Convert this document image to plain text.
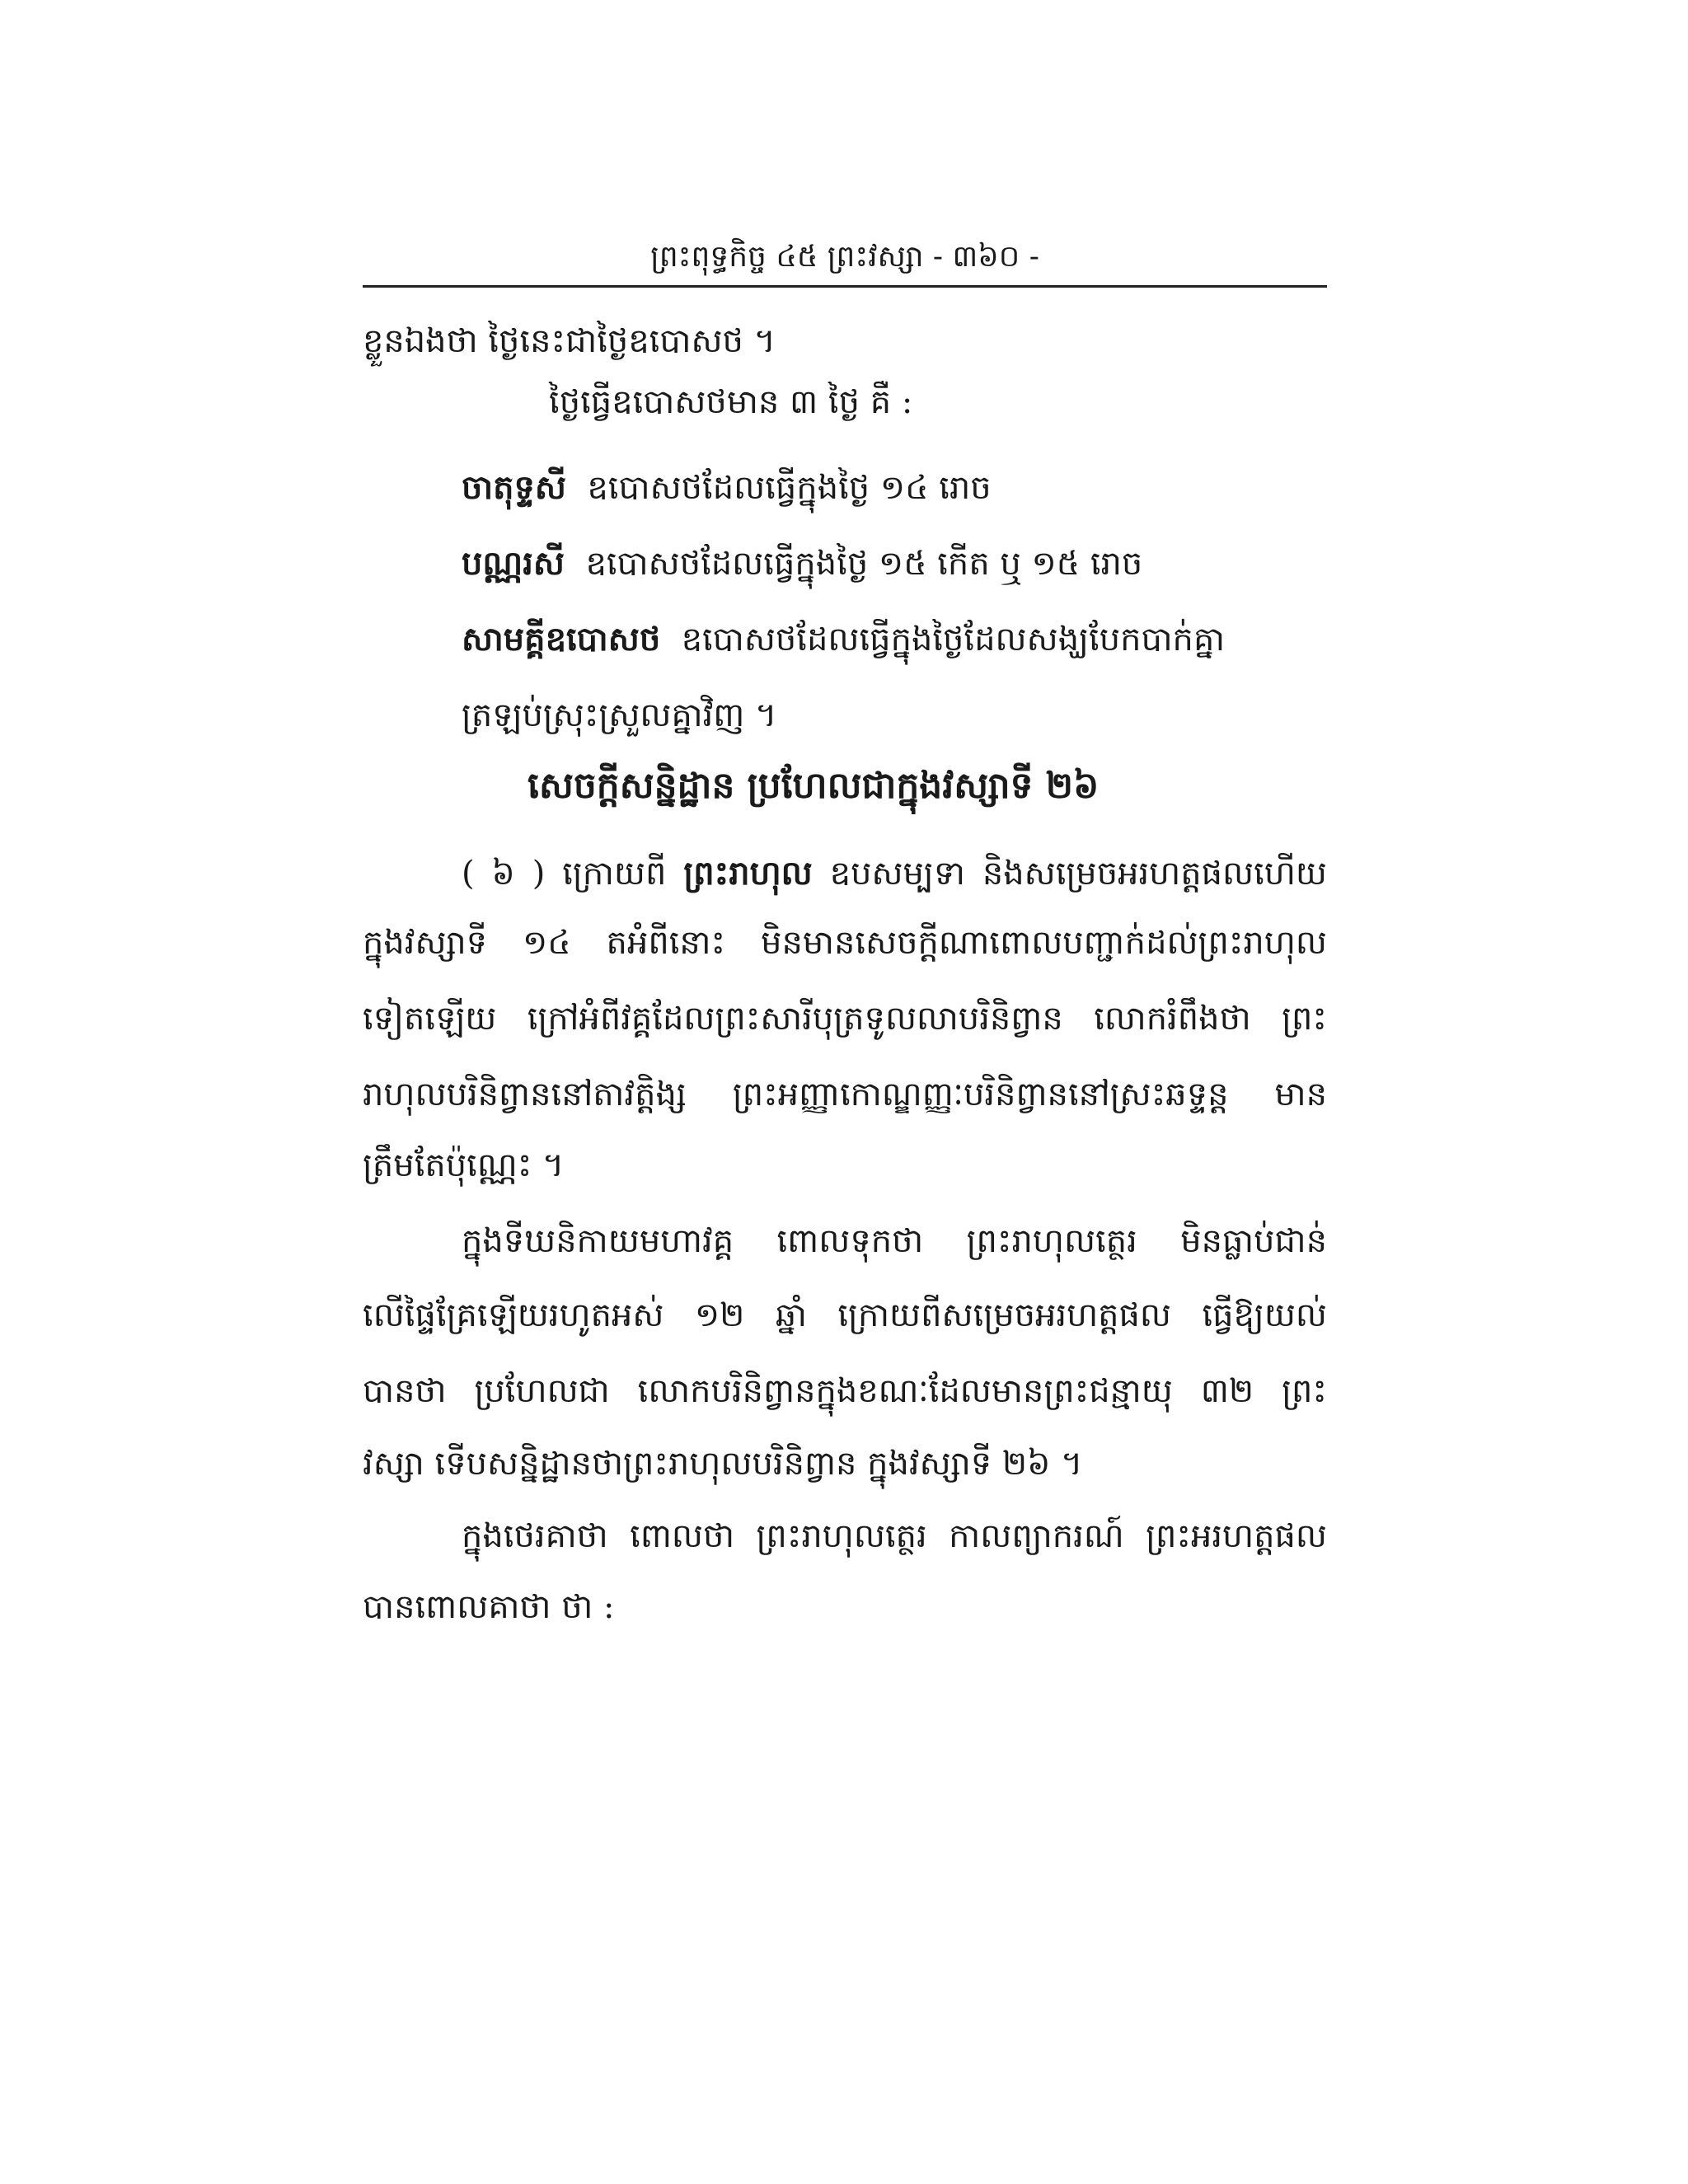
ព្រះពុទ្ធកិច្ច ៤៥ ព្រះវស្សា - ៣៦០ -
ខ្លួនឯងថា ថ្ងៃនេះជាថ្ងៃឧបោសថ ។
ថ្ងៃធ្វើឧបោសថមាន ៣ ថ្ងៃ គឺ :
ចាតុទ្ទសី ឧបោសថដែលធ្វើក្នុងថ្ងៃ ១៤ រោច
បណ្ណរសី ឧបោសថដែលធ្វើក្នុងថ្ងៃ ១៥ កើត ឬ ១៥ រោច
សាមគ្គីឧបោសថ ឧបោសថដែលធ្វើក្នុងថ្ងៃដែលសង្ឃបែកបាក់គ្នា
ត្រឡប់ស្រុះស្រួលគ្នាវិញ ។
សេចក្តីសន្និដ្ឋាន ប្រហែលជាក្នុងវស្សាទី ២៦
( ៦ ) ក្រោយពី ព្រះរាហុល ឧបសម្បទា និងសម្រេចអរហត្តផលហើយ
ក្នុងវស្សាទី ១៤ តអំពីនោះ មិនមានសេចក្តីណាពោលបញ្ជាក់ដល់ព្រះរាហុល
ទៀតឡើយ ក្រៅអំពីវគ្គដែលព្រះសារីបុត្រទូលលាបរិនិព្វាន លោករំពឹងថា ព្រះ
រាហុលបរិនិព្វាននៅតាវត្តិង្ស ព្រះអញ្ញាកោណ្ឌញ្ញៈបរិនិព្វាននៅស្រះឆទ្ទន្ត មាន
ត្រឹមតែប៉ុណ្ណេះ ។
ក្នុងទីឃនិកាយមហាវគ្គ ពោលទុកថា ព្រះរាហុលត្ថេរ មិនធ្លាប់ជាន់
លើផ្ទៃគ្រែឡើយរហូតអស់ ១២ ឆ្នាំ ក្រោយពីសម្រេចអរហត្តផល ធ្វើឱ្យយល់
បានថា ប្រហែលជា លោកបរិនិព្វានក្នុងខណៈដែលមានព្រះជន្មាយុ ៣២ ព្រះ
វស្សា ទើបសន្និដ្ឋានថាព្រះរាហុលបរិនិព្វាន ក្នុងវស្សាទី ២៦ ។
ក្នុងថេរគាថា ពោលថា ព្រះរាហុលត្ថេរ កាលព្យាករណ៍ ព្រះអរហត្តផល
បានពោលគាថា ថា :
